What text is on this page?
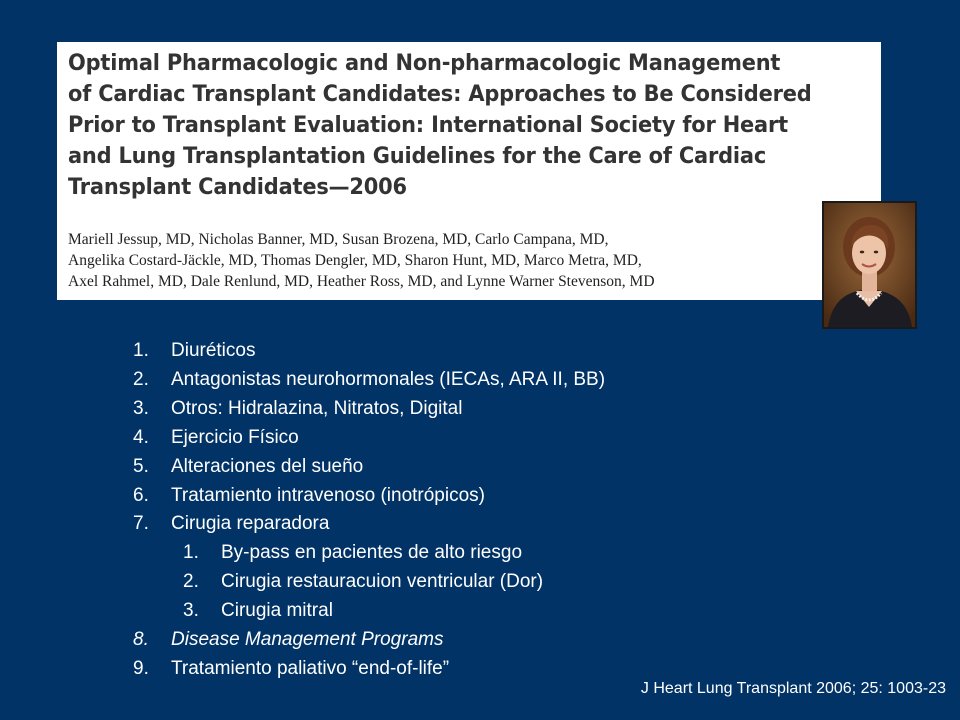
Optimal Pharmacologic and Non-pharmacologic Management
of Cardiac Transplant Candidates: Approaches to Be Considered
Prior to Transplant Evaluation: International Society for Heart
and Lung Transplantation Guidelines for the Care of Cardiac
Transplant Candidates—2006

Mariell Jessup, MD, Nicholas Banner, MD, Susan Brozena, MD, Carlo Campana, MD,
Angelika Costard-Jäckle, MD, Thomas Dengler, MD, Sharon Hunt, MD, Marco Metra, MD,
Axel Rahmel, MD, Dale Renlund, MD, Heather Ross, MD, and Lynne Warner Stevenson, MD

1. Diuréticos
2. Antagonistas neurohormonales (IECAs, ARA II, BB)
3. Otros: Hidralazina, Nitratos, Digital
4. Ejercicio Físico
5. Alteraciones del sueño
6. Tratamiento intravenoso (inotrópicos)
7. Cirugia reparadora
1. By-pass en pacientes de alto riesgo
2. Cirugia restauracuion ventricular (Dor)
3. Cirugia mitral
8. Disease Management Programs
9. Tratamiento paliativo “end-of-life”

J Heart Lung Transplant 2006; 25: 1003-23
